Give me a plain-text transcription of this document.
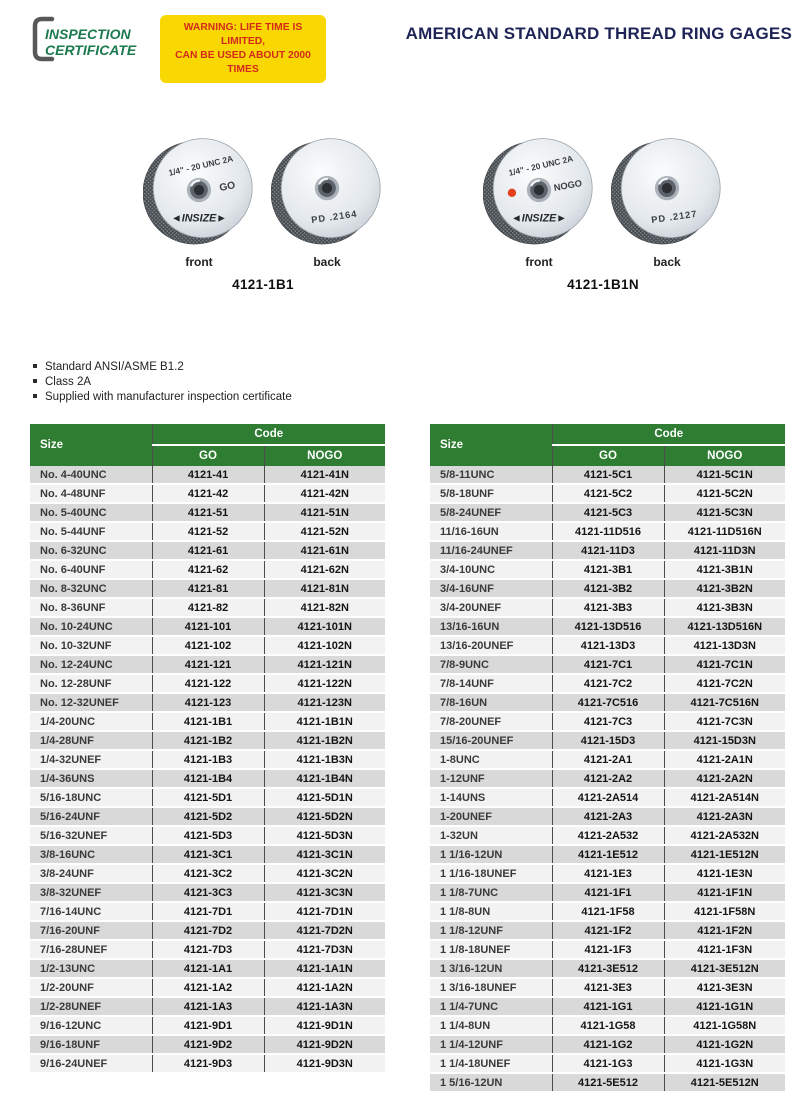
INSPECTION
CERTIFICATE
WARNING: LIFE TIME IS LIMITED,
CAN BE USED ABOUT 2000 TIMES
AMERICAN STANDARD THREAD RING GAGES
1/4" - 20 UNC 2A
GO
◄INSIZE►
front
PD .2164
back
4121-1B1
1/4" - 20 UNC 2A
NOGO
◄INSIZE►
front
PD .2127
back
4121-1B1N
Standard ANSI/ASME B1.2
Class 2A
Supplied with manufacturer inspection certificate
Size	Code	
	GO	NOGO
No. 4-40UNC	4121-41	4121-41N
No. 4-48UNF	4121-42	4121-42N
No. 5-40UNC	4121-51	4121-51N
No. 5-44UNF	4121-52	4121-52N
No. 6-32UNC	4121-61	4121-61N
No. 6-40UNF	4121-62	4121-62N
No. 8-32UNC	4121-81	4121-81N
No. 8-36UNF	4121-82	4121-82N
No. 10-24UNC	4121-101	4121-101N
No. 10-32UNF	4121-102	4121-102N
No. 12-24UNC	4121-121	4121-121N
No. 12-28UNF	4121-122	4121-122N
No. 12-32UNEF	4121-123	4121-123N
1/4-20UNC	4121-1B1	4121-1B1N
1/4-28UNF	4121-1B2	4121-1B2N
1/4-32UNEF	4121-1B3	4121-1B3N
1/4-36UNS	4121-1B4	4121-1B4N
5/16-18UNC	4121-5D1	4121-5D1N
5/16-24UNF	4121-5D2	4121-5D2N
5/16-32UNEF	4121-5D3	4121-5D3N
3/8-16UNC	4121-3C1	4121-3C1N
3/8-24UNF	4121-3C2	4121-3C2N
3/8-32UNEF	4121-3C3	4121-3C3N
7/16-14UNC	4121-7D1	4121-7D1N
7/16-20UNF	4121-7D2	4121-7D2N
7/16-28UNEF	4121-7D3	4121-7D3N
1/2-13UNC	4121-1A1	4121-1A1N
1/2-20UNF	4121-1A2	4121-1A2N
1/2-28UNEF	4121-1A3	4121-1A3N
9/16-12UNC	4121-9D1	4121-9D1N
9/16-18UNF	4121-9D2	4121-9D2N
9/16-24UNEF	4121-9D3	4121-9D3N
Size	Code	
	GO	NOGO
5/8-11UNC	4121-5C1	4121-5C1N
5/8-18UNF	4121-5C2	4121-5C2N
5/8-24UNEF	4121-5C3	4121-5C3N
11/16-16UN	4121-11D516	4121-11D516N
11/16-24UNEF	4121-11D3	4121-11D3N
3/4-10UNC	4121-3B1	4121-3B1N
3/4-16UNF	4121-3B2	4121-3B2N
3/4-20UNEF	4121-3B3	4121-3B3N
13/16-16UN	4121-13D516	4121-13D516N
13/16-20UNEF	4121-13D3	4121-13D3N
7/8-9UNC	4121-7C1	4121-7C1N
7/8-14UNF	4121-7C2	4121-7C2N
7/8-16UN	4121-7C516	4121-7C516N
7/8-20UNEF	4121-7C3	4121-7C3N
15/16-20UNEF	4121-15D3	4121-15D3N
1-8UNC	4121-2A1	4121-2A1N
1-12UNF	4121-2A2	4121-2A2N
1-14UNS	4121-2A514	4121-2A514N
1-20UNEF	4121-2A3	4121-2A3N
1-32UN	4121-2A532	4121-2A532N
1 1/16-12UN	4121-1E512	4121-1E512N
1 1/16-18UNEF	4121-1E3	4121-1E3N
1 1/8-7UNC	4121-1F1	4121-1F1N
1 1/8-8UN	4121-1F58	4121-1F58N
1 1/8-12UNF	4121-1F2	4121-1F2N
1 1/8-18UNEF	4121-1F3	4121-1F3N
1 3/16-12UN	4121-3E512	4121-3E512N
1 3/16-18UNEF	4121-3E3	4121-3E3N
1 1/4-7UNC	4121-1G1	4121-1G1N
1 1/4-8UN	4121-1G58	4121-1G58N
1 1/4-12UNF	4121-1G2	4121-1G2N
1 1/4-18UNEF	4121-1G3	4121-1G3N
1 5/16-12UN	4121-5E512	4121-5E512N
